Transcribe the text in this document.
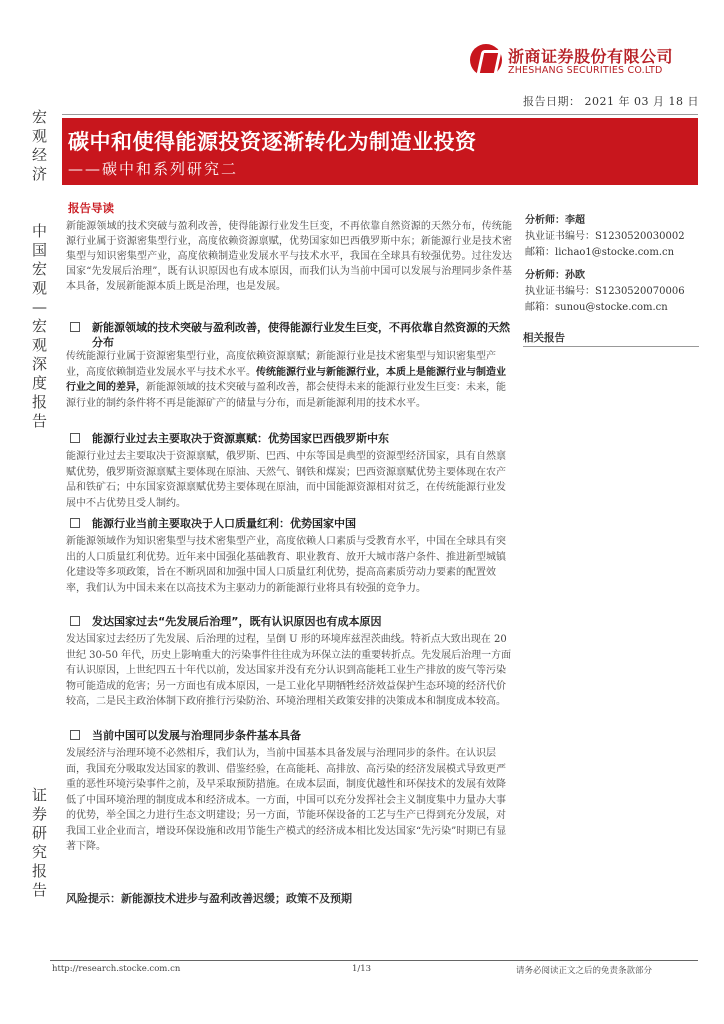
浙商证券股份有限公司
ZHESHANG SECURITIES CO.LTD
报告日期： 2021 年 03 月 18 日
宏
观
经
济
中
国
宏
观
—
宏
观
深
度
报
告
证
券
研
究
报
告
碳中和使得能源投资逐渐转化为制造业投资
——碳中和系列研究二
报告导读
新能源领域的技术突破与盈利改善，使得能源行业发生巨变，不再依靠自然资源的天然分布，传统能源行业属于资源密集型行业，高度依赖资源禀赋，优势国家如巴西俄罗斯中东；新能源行业是技术密集型与知识密集型产业，高度依赖制造业发展水平与技术水平，我国在全球具有较强优势。过往发达国家“先发展后治理”，既有认识原因也有成本原因，而我们认为当前中国可以发展与治理同步条件基本具备，发展新能源本质上既是治理，也是发展。
新能源领域的技术突破与盈利改善，使得能源行业发生巨变，不再依靠自然资源的天然分布
传统能源行业属于资源密集型行业，高度依赖资源禀赋；新能源行业是技术密集型与知识密集型产业，高度依赖制造业发展水平与技术水平。传统能源行业与新能源行业，本质上是能源行业与制造业行业之间的差异，新能源领域的技术突破与盈利改善，都会使得未来的能源行业发生巨变：未来，能源行业的制约条件将不再是能源矿产的储量与分布，而是新能源利用的技术水平。
能源行业过去主要取决于资源禀赋：优势国家巴西俄罗斯中东
能源行业过去主要取决于资源禀赋，俄罗斯、巴西、中东等国是典型的资源型经济国家，具有自然禀赋优势，俄罗斯资源禀赋主要体现在原油、天然气、钢铁和煤炭；巴西资源禀赋优势主要体现在农产品和铁矿石；中东国家资源禀赋优势主要体现在原油，而中国能源资源相对贫乏，在传统能源行业发展中不占优势且受人制约。
能源行业当前主要取决于人口质量红利：优势国家中国
新能源领域作为知识密集型与技术密集型产业，高度依赖人口素质与受教育水平，中国在全球具有突出的人口质量红利优势。近年来中国强化基础教育、职业教育、放开大城市落户条件、推进新型城镇化建设等多项政策，旨在不断巩固和加强中国人口质量红利优势，提高高素质劳动力要素的配置效率，我们认为中国未来在以高技术为主驱动力的新能源行业将具有较强的竞争力。
发达国家过去“先发展后治理”，既有认识原因也有成本原因
发达国家过去经历了先发展、后治理的过程，呈倒 U 形的环境库兹涅茨曲线。特祈点大致出现在 20 世纪 30-50 年代，历史上影响重大的污染事件往往成为环保立法的重要转折点。先发展后治理一方面有认识原因，上世纪四五十年代以前，发达国家并没有充分认识到高能耗工业生产排放的废气等污染物可能造成的危害；另一方面也有成本原因，一是工业化早期牺牲经济效益保护生态环境的经济代价较高，二是民主政治体制下政府推行污染防治、环境治理相关政策安排的决策成本和制度成本较高。
当前中国可以发展与治理同步条件基本具备
发展经济与治理环境不必然相斥，我们认为，当前中国基本具备发展与治理同步的条件。在认识层面，我国充分吸取发达国家的教训、借鉴经验，在高能耗、高排放、高污染的经济发展模式导致更严重的恶性环境污染事件之前，及早采取预防措施。在成本层面，制度优越性和环保技术的发展有效降低了中国环境治理的制度成本和经济成本。一方面，中国可以充分发挥社会主义制度集中力量办大事的优势，举全国之力进行生态文明建设；另一方面，节能环保设备的工艺与生产已得到充分发展，对我国工业企业而言，增设环保设施和改用节能生产模式的经济成本相比发达国家“先污染”时期已有显著下降。
风险提示：新能源技术进步与盈利改善迟缓；政策不及预期
分析师：李超
执业证书编号：S1230520030002
邮箱：lichao1@stocke.com.cn
分析师：孙欧
执业证书编号：S1230520070006
邮箱：sunou@stocke.com.cn
相关报告
http://research.stocke.com.cn	1/13	请务必阅读正文之后的免责条款部分
